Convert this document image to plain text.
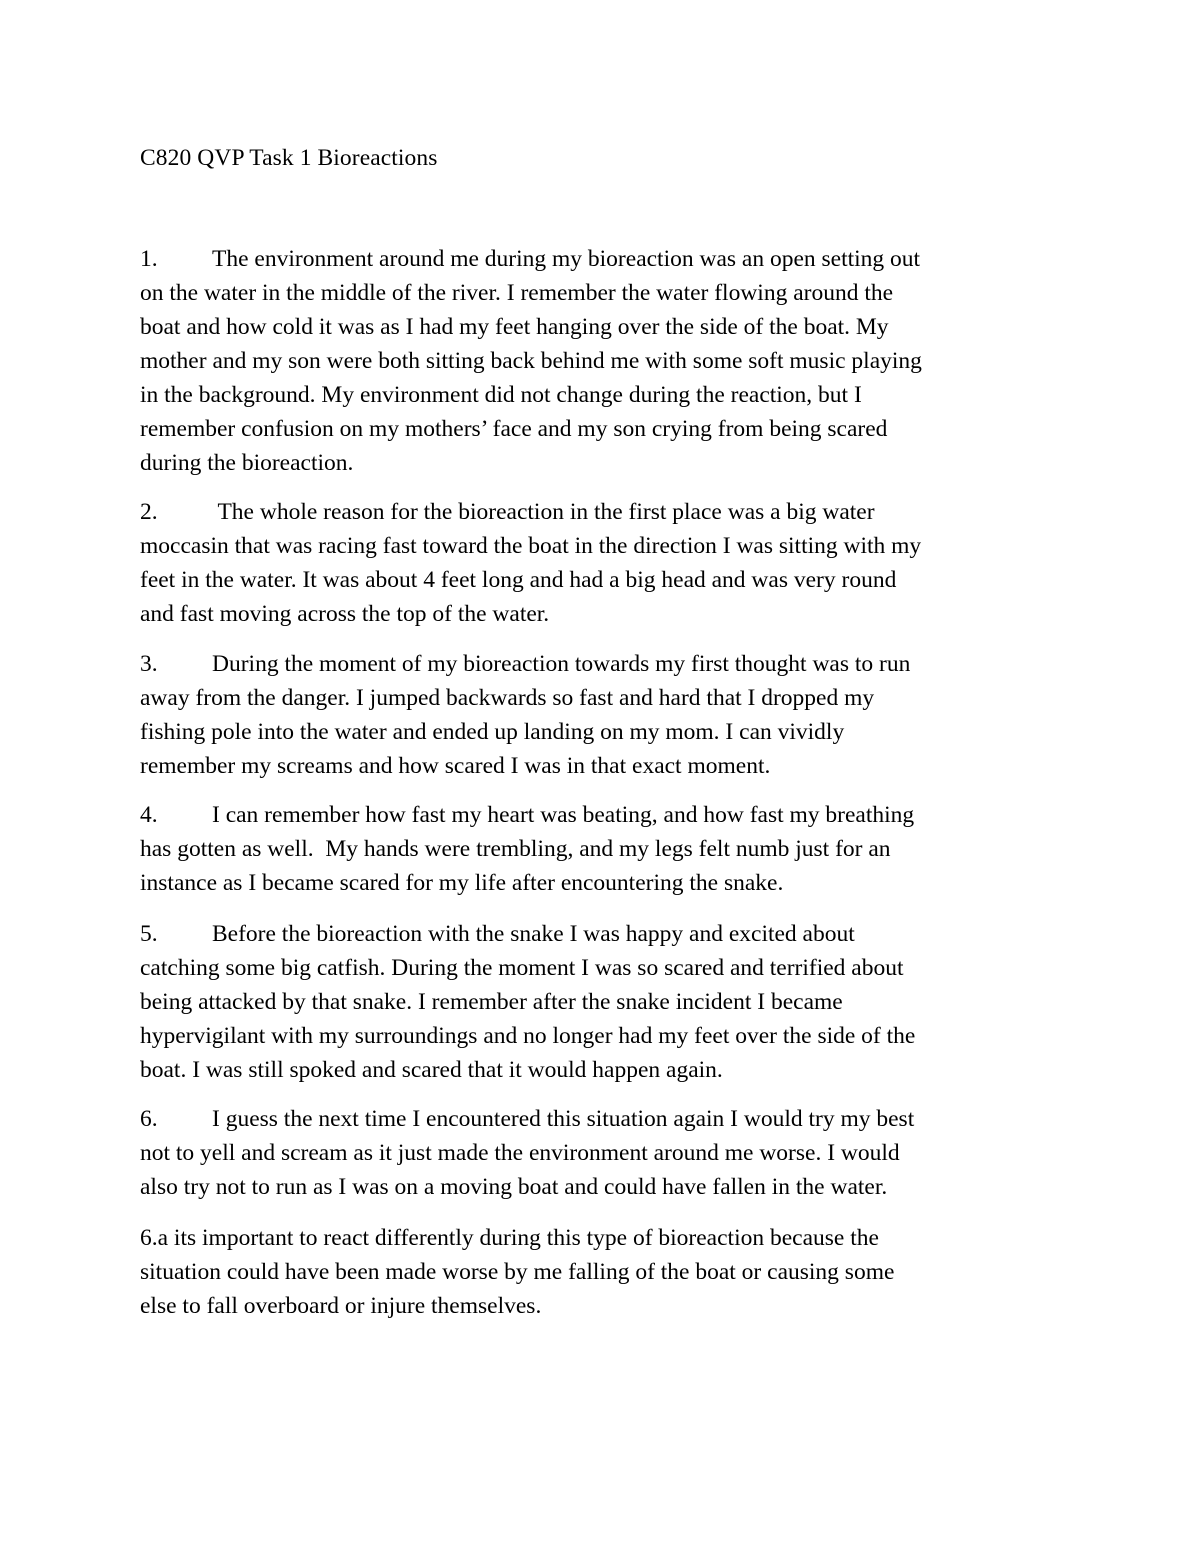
C820 QVP Task 1 Bioreactions
1. The environment around me during my bioreaction was an open setting out
on the water in the middle of the river. I remember the water flowing around the
boat and how cold it was as I had my feet hanging over the side of the boat. My
mother and my son were both sitting back behind me with some soft music playing
in the background. My environment did not change during the reaction, but I
remember confusion on my mothers’ face and my son crying from being scared
during the bioreaction.
2. The whole reason for the bioreaction in the first place was a big water
moccasin that was racing fast toward the boat in the direction I was sitting with my
feet in the water. It was about 4 feet long and had a big head and was very round
and fast moving across the top of the water.
3. During the moment of my bioreaction towards my first thought was to run
away from the danger. I jumped backwards so fast and hard that I dropped my
fishing pole into the water and ended up landing on my mom. I can vividly
remember my screams and how scared I was in that exact moment.
4. I can remember how fast my heart was beating, and how fast my breathing
has gotten as well.  My hands were trembling, and my legs felt numb just for an
instance as I became scared for my life after encountering the snake.
5. Before the bioreaction with the snake I was happy and excited about
catching some big catfish. During the moment I was so scared and terrified about
being attacked by that snake. I remember after the snake incident I became
hypervigilant with my surroundings and no longer had my feet over the side of the
boat. I was still spoked and scared that it would happen again.
6. I guess the next time I encountered this situation again I would try my best
not to yell and scream as it just made the environment around me worse. I would
also try not to run as I was on a moving boat and could have fallen in the water.
6.a its important to react differently during this type of bioreaction because the
situation could have been made worse by me falling of the boat or causing some
else to fall overboard or injure themselves.
